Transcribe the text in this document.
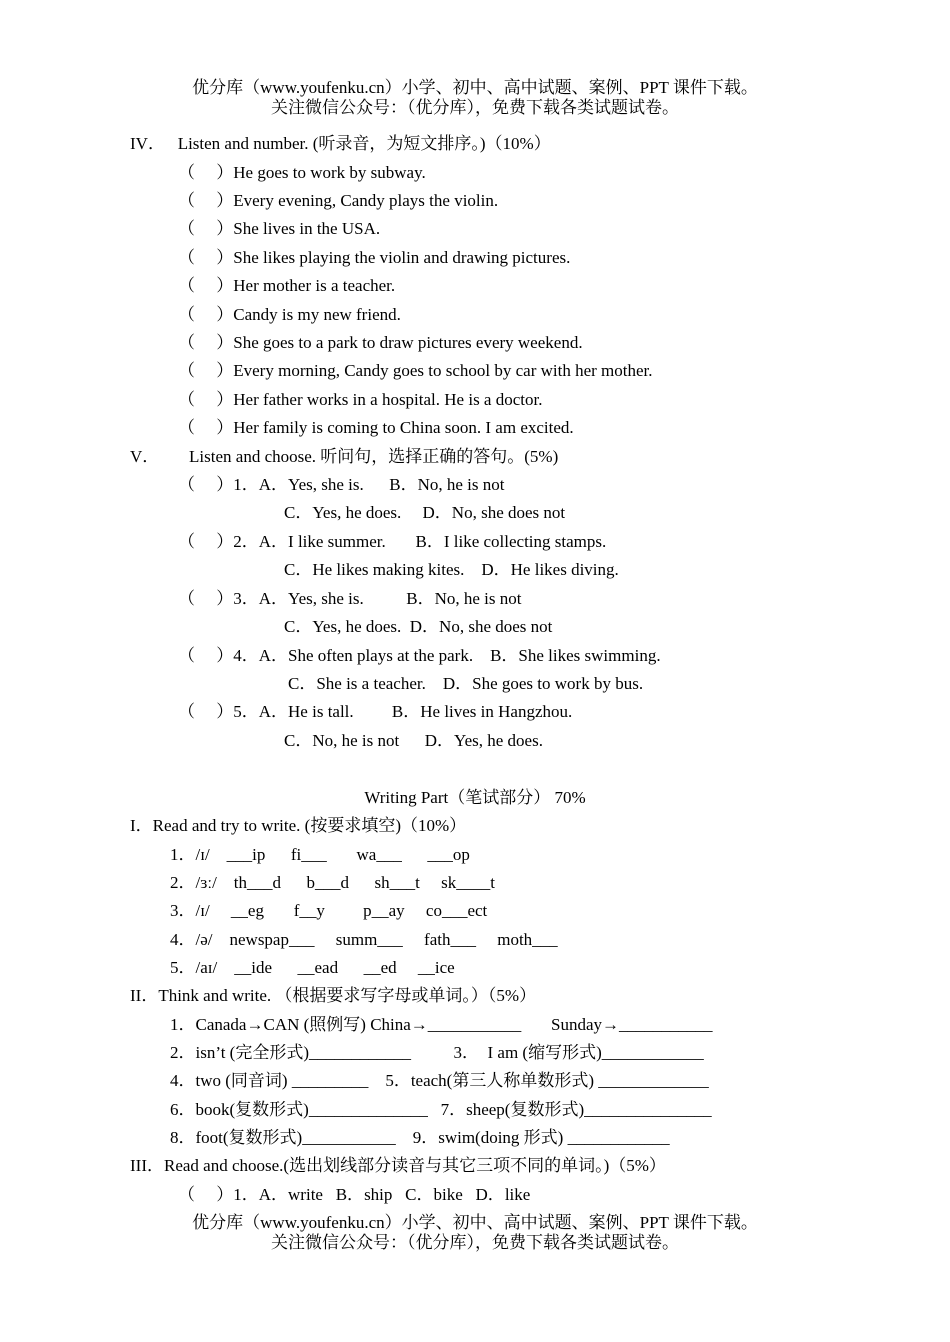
优分库（www.youfenku.cn）小学、初中、高中试题、案例、PPT 课件下载。
关注微信公众号：（优分库），免费下载各类试题试卷。
IV．   Listen and number. (听录音，为短文排序。)（10%）
（     ）He goes to work by subway.
（     ）Every evening, Candy plays the violin.
（     ）She lives in the USA.
（     ）She likes playing the violin and drawing pictures.
（     ）Her mother is a teacher.
（     ）Candy is my new friend.
（     ）She goes to a park to draw pictures every weekend.
（     ）Every morning, Candy goes to school by car with her mother.
（     ）Her father works in a hospital. He is a doctor.
（     ）Her family is coming to China soon. I am excited.
V．       Listen and choose. 听问句，选择正确的答句。(5%)
（     ）1．A．Yes, she is.      B．No, he is not
C．Yes, he does.     D．No, she does not
（     ）2．A．I like summer.       B．I like collecting stamps.
C．He likes making kites.    D．He likes diving.
（     ）3．A．Yes, she is.          B．No, he is not
C．Yes, he does.  D．No, she does not
（     ）4．A．She often plays at the park.    B．She likes swimming.
C．She is a teacher.    D．She goes to work by bus.
（     ）5．A．He is tall.         B．He lives in Hangzhou.
C．No, he is not      D．Yes, he does.
Writing Part（笔试部分） 70%
I．Read and try to write. (按要求填空)（10%）
1．/ɪ/    ___ip      fi___       wa___      ___op
2．/ɜː/    th___d      b___d      sh___t     sk____t
3．/ɪ/     __eg       f__y         p__ay     co___ect
4．/ə/    newspap___     summ___     fath___     moth___
5．/aɪ/    __ide      __ead      __ed     __ice
II．Think and write. （根据要求写字母或单词。）（5%）
1．Canada→CAN (照例写) China→___________       Sunday→___________
2．isn’t (完全形式)____________          3．  I am (缩写形式)____________
4．two (同音词) _________    5．teach(第三人称单数形式) _____________
6．book(复数形式)______________   7．sheep(复数形式)_______________
8．foot(复数形式)___________    9．swim(doing 形式) ____________
III．Read and choose.(选出划线部分读音与其它三项不同的单词。)（5%）
（     ）1．A．write B．ship C．bike D．like
优分库（www.youfenku.cn）小学、初中、高中试题、案例、PPT 课件下载。
关注微信公众号：（优分库），免费下载各类试题试卷。
